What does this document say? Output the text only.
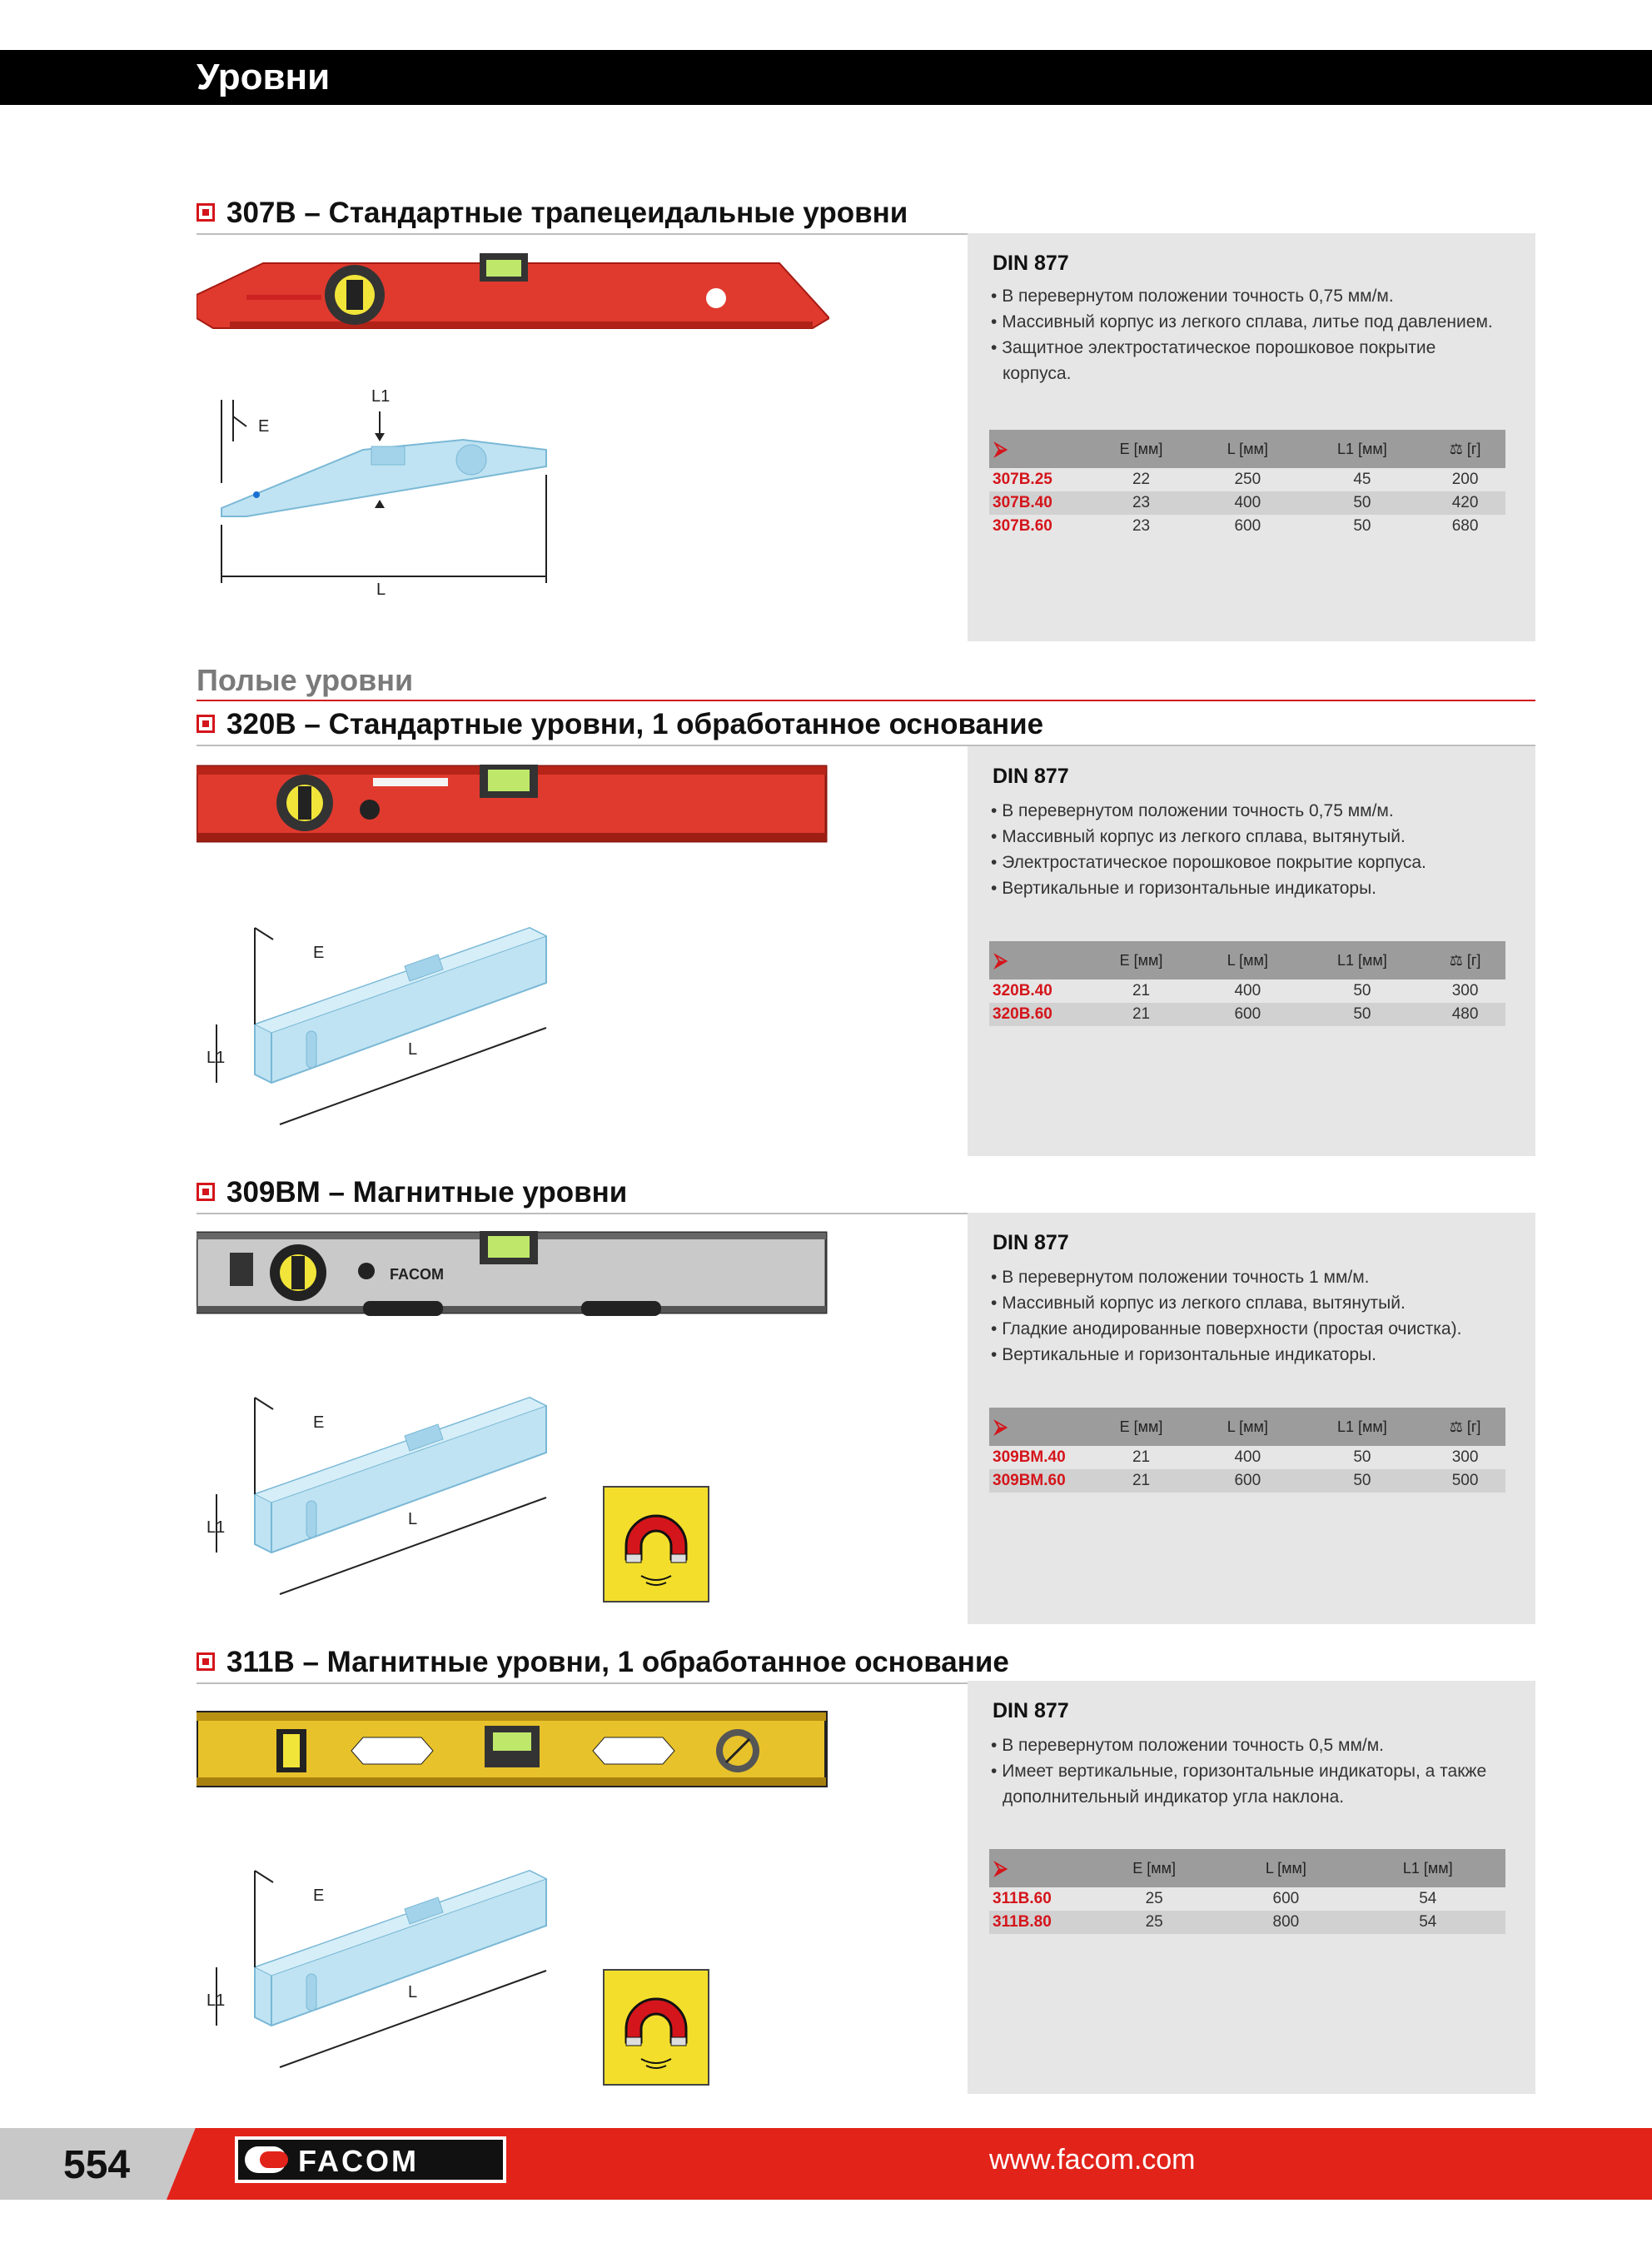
Уровни
307B – Стандартные трапецеидальные уровни
E
L1
L
DIN 877
• В перевернутом положении точность 0,75 мм/м.
• Массивный корпус из легкого сплава, литье под давлением.
• Защитное электростатическое порошковое покрытие корпуса.
⮚	E [мм]	L [мм]	L1 [мм]	⚖ [г]
307B.25	22	250	45	200
307B.40	23	400	50	420
307B.60	23	600	50	680
Полые уровни
320B – Стандартные уровни, 1 обработанное основание
E
L1	L
DIN 877
• В перевернутом положении точность 0,75 мм/м.
• Массивный корпус из легкого сплава, вытянутый.
• Электростатическое порошковое покрытие корпуса.
• Вертикальные и горизонтальные индикаторы.
⮚	E [мм]	L [мм]	L1 [мм]	⚖ [г]
320B.40	21	400	50	300
320B.60	21	600	50	480
309BM – Магнитные уровни
FACOM
E
L1	L
DIN 877
• В перевернутом положении точность 1 мм/м.
• Массивный корпус из легкого сплава, вытянутый.
• Гладкие анодированные поверхности (простая очистка).
• Вертикальные и горизонтальные индикаторы.
⮚	E [мм]	L [мм]	L1 [мм]	⚖ [г]
309BM.40	21	400	50	300
309BM.60	21	600	50	500
311B – Магнитные уровни, 1 обработанное основание
E
L1	L
DIN 877
• В перевернутом положении точность 0,5 мм/м.
• Имеет вертикальные, горизонтальные индикаторы, а также дополнительный индикатор угла наклона.
⮚	E [мм]	L [мм]	L1 [мм]
311B.60	25	600	54
311B.80	25	800	54
554	FACOM	www.facom.com
